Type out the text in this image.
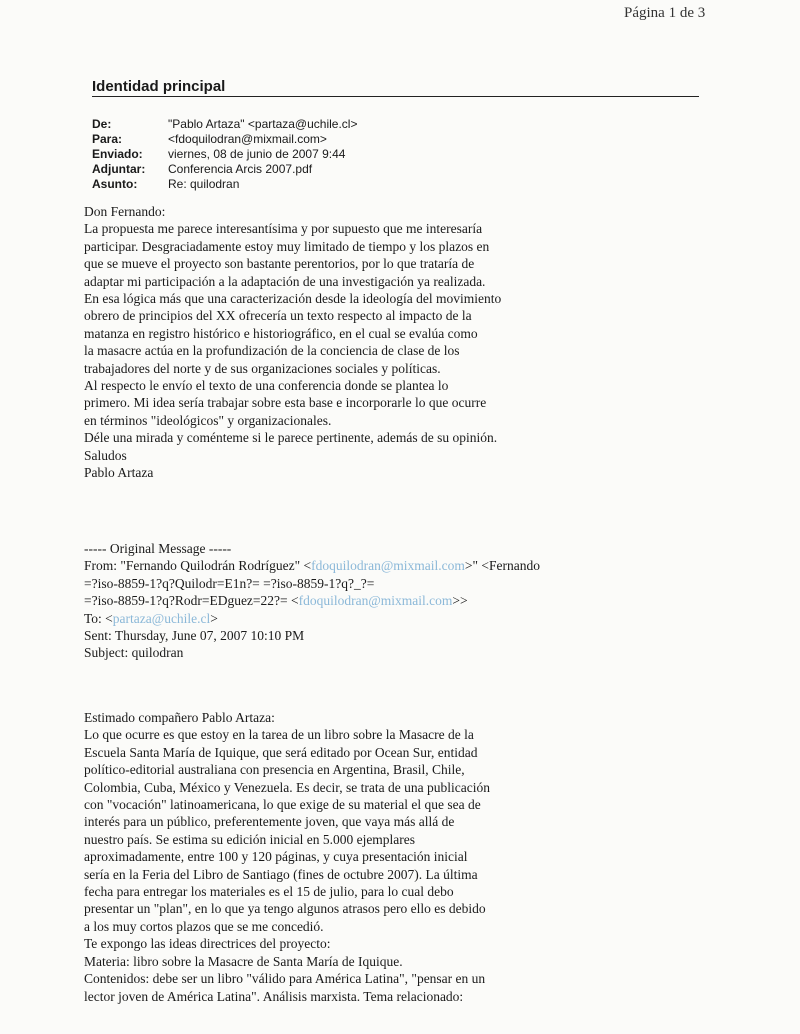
Página 1 de 3
Identidad principal
De:	"Pablo Artaza" <partaza@uchile.cl>
Para:	<fdoquilodran@mixmail.com>
Enviado:	viernes, 08 de junio de 2007 9:44
Adjuntar:	Conferencia Arcis 2007.pdf
Asunto:	Re: quilodran
Don Fernando:
La propuesta me parece interesantísima y por supuesto que me interesaría
participar. Desgraciadamente estoy muy limitado de tiempo y los plazos en
que se mueve el proyecto son bastante perentorios, por lo que trataría de
adaptar mi participación a la adaptación de una investigación ya realizada.
En esa lógica más que una caracterización desde la ideología del movimiento
obrero de principios del XX ofrecería un texto respecto al impacto de la
matanza en registro histórico e historiográfico, en el cual se evalúa como
la masacre actúa en la profundización de la conciencia de clase de los
trabajadores del norte y de sus organizaciones sociales y políticas.
Al respecto le envío el texto de una conferencia donde se plantea lo
primero. Mi idea sería trabajar sobre esta base e incorporarle lo que ocurre
en términos "ideológicos" y organizacionales.
Déle una mirada y coménteme si le parece pertinente, además de su opinión.
Saludos
Pablo Artaza
----- Original Message -----
From: "Fernando Quilodrán Rodríguez" <fdoquilodran@mixmail.com>" <Fernando
=?iso-8859-1?q?Quilodr=E1n?= =?iso-8859-1?q?_?=
=?iso-8859-1?q?Rodr=EDguez=22?= <fdoquilodran@mixmail.com>>
To: <partaza@uchile.cl>
Sent: Thursday, June 07, 2007 10:10 PM
Subject: quilodran
Estimado compañero Pablo Artaza:
Lo que ocurre es que estoy en la tarea de un libro sobre la Masacre de la
Escuela Santa María de Iquique, que será editado por Ocean Sur, entidad
político-editorial australiana con presencia en Argentina, Brasil, Chile,
Colombia, Cuba, México y Venezuela. Es decir, se trata de una publicación
con "vocación" latinoamericana, lo que exige de su material el que sea de
interés para un público, preferentemente joven, que vaya más allá de
nuestro país. Se estima su edición inicial en 5.000 ejemplares
aproximadamente, entre 100 y 120 páginas, y cuya presentación inicial
sería en la Feria del Libro de Santiago (fines de octubre 2007). La última
fecha para entregar los materiales es el 15 de julio, para lo cual debo
presentar un "plan", en lo que ya tengo algunos atrasos pero ello es debido
a los muy cortos plazos que se me concedió.
Te expongo las ideas directrices del proyecto:
Materia: libro sobre la Masacre de Santa María de Iquique.
Contenidos: debe ser un libro "válido para América Latina", "pensar en un
lector joven de América Latina". Análisis marxista. Tema relacionado:
